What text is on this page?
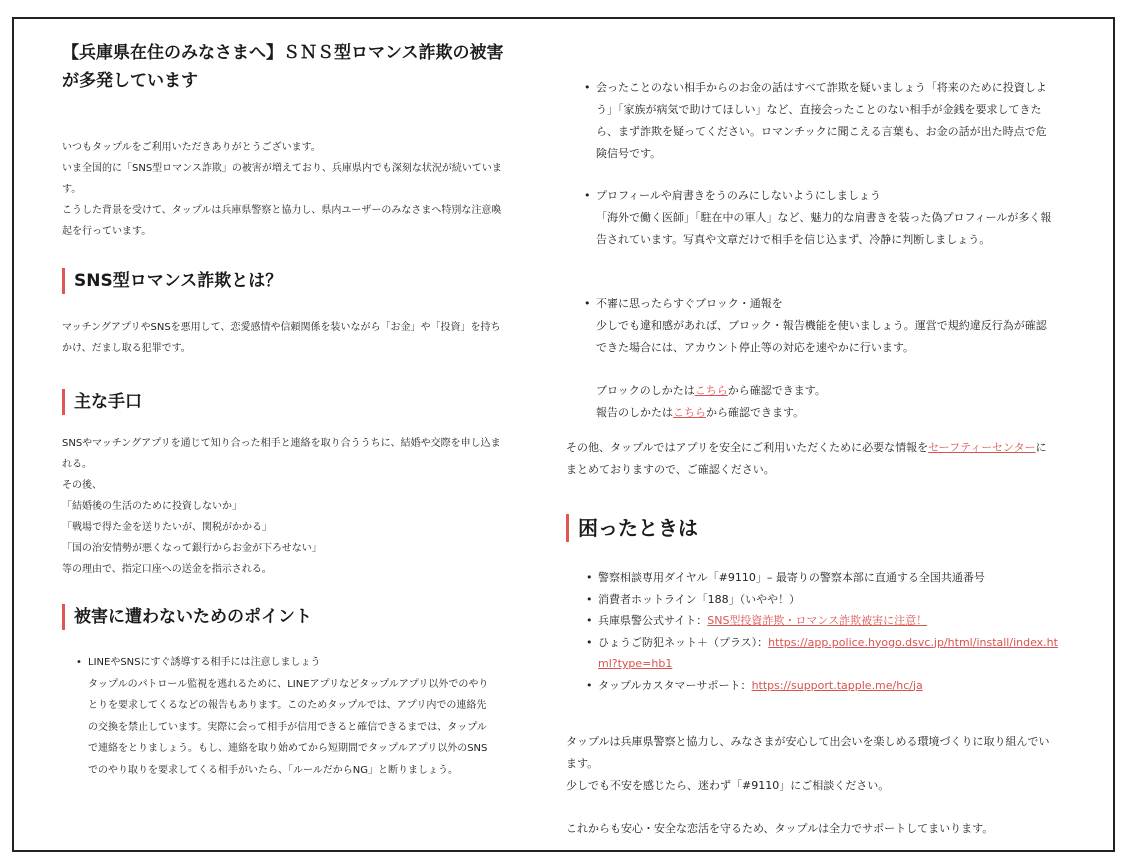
【兵庫県在住のみなさまへ】ＳＮＳ型ロマンス詐欺の被害が多発しています

いつもタップルをご利用いただきありがとうございます。

いま全国的に「SNS型ロマンス詐欺」の被害が増えており、兵庫県内でも深刻な状況が続いています。

こうした背景を受けて、タップルは兵庫県警察と協力し、県内ユーザーのみなさまへ特別な注意喚起を行っています。

SNS型ロマンス詐欺とは？

マッチングアプリやSNSを悪用して、恋愛感情や信頼関係を装いながら「お金」や「投資」を持ちかけ、だまし取る犯罪です。

主な手口

SNSやマッチングアプリを通じて知り合った相手と連絡を取り合ううちに、結婚や交際を申し込まれる。

その後、

「結婚後の生活のために投資しないか」

「戦場で得た金を送りたいが、関税がかかる」

「国の治安情勢が悪くなって銀行からお金が下ろせない」

等の理由で、指定口座への送金を指示される。

被害に遭わないためのポイント
• LINEやSNSにすぐ誘導する相手には注意しましょう

タップルのパトロール監視を逃れるために、LINEアプリなどタップルアプリ以外でのやりとりを要求してくるなどの報告もあります。このためタップルでは、アプリ内での連絡先の交換を禁止しています。実際に会って相手が信用できると確信できるまでは、タップルで連絡をとりましょう。もし、連絡を取り始めてから短期間でタップルアプリ以外のSNSでのやり取りを要求してくる相手がいたら、「ルールだからNG」と断りましょう。

• 会ったことのない相手からのお金の話はすべて詐欺を疑いましょう「将来のために投資しよう」「家族が病気で助けてほしい」など、直接会ったことのない相手が金銭を要求してきたら、まず詐欺を疑ってください。ロマンチックに聞こえる言葉も、お金の話が出た時点で危険信号です。

• プロフィールや肩書きをうのみにしないようにしましょう

「海外で働く医師」「駐在中の軍人」など、魅力的な肩書きを装った偽プロフィールが多く報告されています。写真や文章だけで相手を信じ込まず、冷静に判断しましょう。

• 不審に思ったらすぐブロック・通報を

少しでも違和感があれば、ブロック・報告機能を使いましょう。運営で規約違反行為が確認できた場合には、アカウント停止等の対応を速やかに行います。

ブロックのしかたはこちらから確認できます。

報告のしかたはこちらから確認できます。

その他、タップルではアプリを安全にご利用いただくために必要な情報をセーフティーセンターにまとめておりますので、ご確認ください。

困ったときは
• 警察相談専用ダイヤル「#9110」– 最寄りの警察本部に直通する全国共通番号
• 消費者ホットライン「188」（いやや！）
• 兵庫県警公式サイト：SNS型投資詐欺・ロマンス詐欺被害に注意！
• ひょうご防犯ネット＋（プラス）：https://app.police.hyogo.dsvc.jp/html/install/index.html?type=hb1
• タップルカスタマーサポート：https://support.tapple.me/hc/ja

タップルは兵庫県警察と協力し、みなさまが安心して出会いを楽しめる環境づくりに取り組んでいます。

少しでも不安を感じたら、迷わず「#9110」にご相談ください。

これからも安心・安全な恋活を守るため、タップルは全力でサポートしてまいります。
